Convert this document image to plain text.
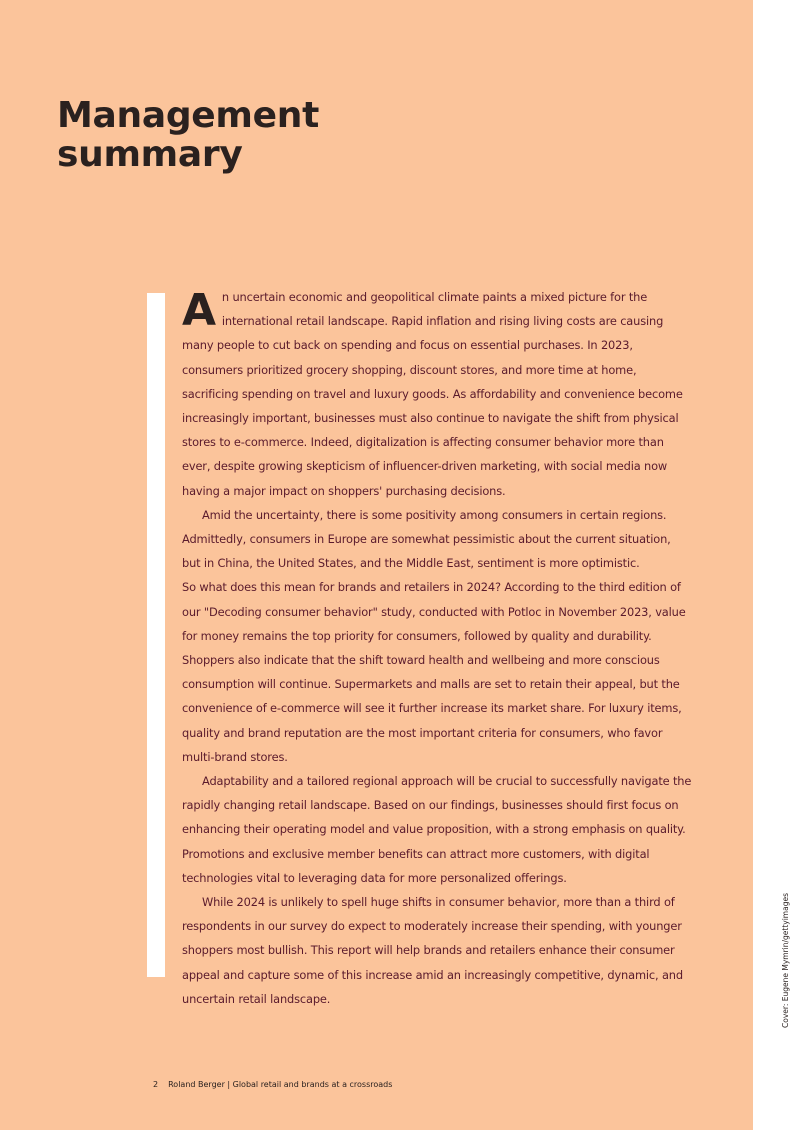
Management
summary

An uncertain economic and geopolitical climate paints a mixed picture for the international retail landscape. Rapid inflation and rising living costs are causing many people to cut back on spending and focus on essential purchases. In 2023, consumers prioritized grocery shopping, discount stores, and more time at home, sacrificing spending on travel and luxury goods. As affordability and convenience become increasingly important, businesses must also continue to navigate the shift from physical stores to e-commerce. Indeed, digitalization is affecting consumer behavior more than ever, despite growing skepticism of influencer-driven marketing, with social media now having a major impact on shoppers' purchasing decisions.

Amid the uncertainty, there is some positivity among consumers in certain regions. Admittedly, consumers in Europe are somewhat pessimistic about the current situation, but in China, the United States, and the Middle East, sentiment is more optimistic.

So what does this mean for brands and retailers in 2024? According to the third edition of our "Decoding consumer behavior" study, conducted with Potloc in November 2023, value for money remains the top priority for consumers, followed by quality and durability. Shoppers also indicate that the shift toward health and wellbeing and more conscious consumption will continue. Supermarkets and malls are set to retain their appeal, but the convenience of e-commerce will see it further increase its market share. For luxury items, quality and brand reputation are the most important criteria for consumers, who favor multi-brand stores.

Adaptability and a tailored regional approach will be crucial to successfully navigate the rapidly changing retail landscape. Based on our findings, businesses should first focus on enhancing their operating model and value proposition, with a strong emphasis on quality. Promotions and exclusive member benefits can attract more customers, with digital technologies vital to leveraging data for more personalized offerings.

While 2024 is unlikely to spell huge shifts in consumer behavior, more than a third of respondents in our survey do expect to moderately increase their spending, with younger shoppers most bullish. This report will help brands and retailers enhance their consumer appeal and capture some of this increase amid an increasingly competitive, dynamic, and uncertain retail landscape.

2 Roland Berger | Global retail and brands at a crossroads
Cover: Eugene Mymrin/gettyimages
